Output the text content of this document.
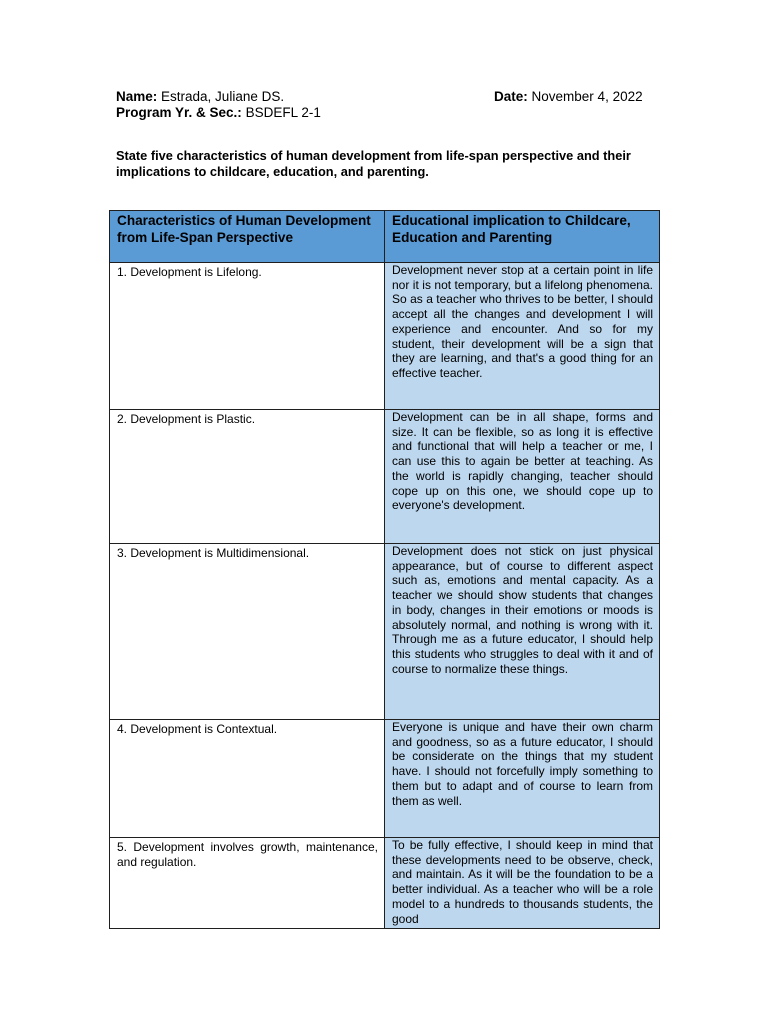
Name: Estrada, Juliane DS.	Date: November 4, 2022
Program Yr. & Sec.: BSDEFL 2-1
State five characteristics of human development from life-span perspective and their implications to childcare, education, and parenting.
Characteristics of Human Development from Life-Span Perspective	Educational implication to Childcare, Education and Parenting

1. Development is Lifelong.	Development never stop at a certain point in life nor it is not temporary, but a lifelong phenomena. So as a teacher who thrives to be better, I should accept all the changes and development I will experience and encounter. And so for my student, their development will be a sign that they are learning, and that's a good thing for an effective teacher.
2. Development is Plastic.	Development can be in all shape, forms and size. It can be flexible, so as long it is effective and functional that will help a teacher or me, I can use this to again be better at teaching. As the world is rapidly changing, teacher should cope up on this one, we should cope up to everyone's development.
3. Development is Multidimensional.	Development does not stick on just physical appearance, but of course to different aspect such as, emotions and mental capacity. As a teacher we should show students that changes in body, changes in their emotions or moods is absolutely normal, and nothing is wrong with it. Through me as a future educator, I should help this students who struggles to deal with it and of course to normalize these things.
4. Development is Contextual.	Everyone is unique and have their own charm and goodness, so as a future educator, I should be considerate on the things that my student have. I should not forcefully imply something to them but to adapt and of course to learn from them as well.
5. Development involves growth, maintenance, and regulation.	To be fully effective, I should keep in mind that these developments need to be observe, check, and maintain. As it will be the foundation to be a better individual. As a teacher who will be a role model to a hundreds to thousands students, the good
